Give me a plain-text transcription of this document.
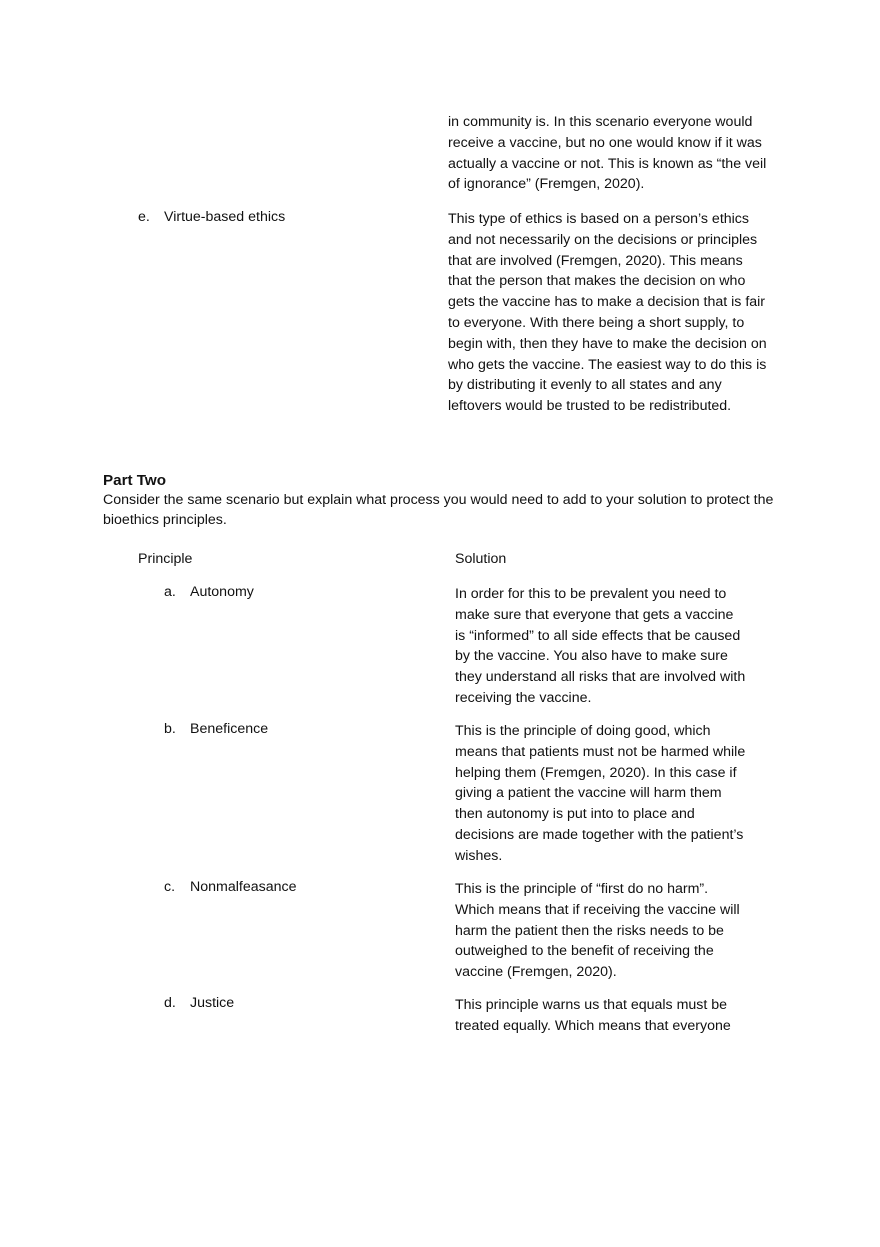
in community is. In this scenario everyone would receive a vaccine, but no one would know if it was actually a vaccine or not. This is known as “the veil of ignorance” (Fremgen, 2020).
e. Virtue-based ethics	This type of ethics is based on a person’s ethics and not necessarily on the decisions or principles that are involved (Fremgen, 2020). This means that the person that makes the decision on who gets the vaccine has to make a decision that is fair to everyone. With there being a short supply, to begin with, then they have to make the decision on who gets the vaccine. The easiest way to do this is by distributing it evenly to all states and any leftovers would be trusted to be redistributed.
Part Two
Consider the same scenario but explain what process you would need to add to your solution to protect the bioethics principles.
Principle	Solution
a. Autonomy	In order for this to be prevalent you need to make sure that everyone that gets a vaccine is “informed” to all side effects that be caused by the vaccine. You also have to make sure they understand all risks that are involved with receiving the vaccine.
b. Beneficence	This is the principle of doing good, which means that patients must not be harmed while helping them (Fremgen, 2020). In this case if giving a patient the vaccine will harm them then autonomy is put into to place and decisions are made together with the patient’s wishes.
c. Nonmalfeasance	This is the principle of “first do no harm”. Which means that if receiving the vaccine will harm the patient then the risks needs to be outweighed to the benefit of receiving the vaccine (Fremgen, 2020).
d. Justice	This principle warns us that equals must be treated equally. Which means that everyone
